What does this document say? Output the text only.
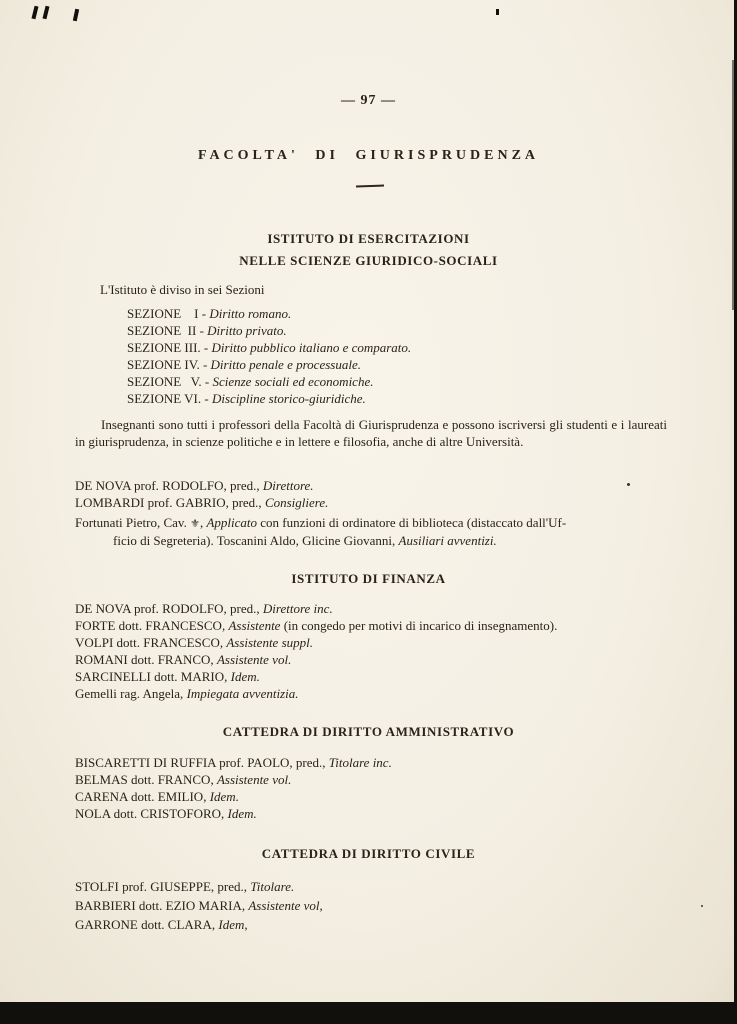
— 97 —
FACOLTA' DI GIURISPRUDENZA
ISTITUTO DI ESERCITAZIONI
NELLE SCIENZE GIURIDICO-SOCIALI
L'Istituto è diviso in sei Sezioni
SEZIONE    I - Diritto romano.
SEZIONE  II - Diritto privato.
SEZIONE III. - Diritto pubblico italiano e comparato.
SEZIONE IV. - Diritto penale e processuale.
SEZIONE   V. - Scienze sociali ed economiche.
SEZIONE VI. - Discipline storico-giuridiche.
Insegnanti sono tutti i professori della Facoltà di Giurisprudenza e possono iscriversi gli studenti e i laureati in giurisprudenza, in scienze politiche e in lettere e filosofia, anche di altre Università.
DE NOVA prof. RODOLFO, pred., Direttore.
LOMBARDI prof. GABRIO, pred., Consigliere.
Fortunati Pietro, Cav. ⚜, Applicato con funzioni di ordinatore di biblioteca (distaccato dall'Uf-
ficio di Segreteria). Toscanini Aldo, Glicine Giovanni, Ausiliari avventizi.
ISTITUTO DI FINANZA
DE NOVA prof. RODOLFO, pred., Direttore inc.
FORTE dott. FRANCESCO, Assistente (in congedo per motivi di incarico di insegnamento).
VOLPI dott. FRANCESCO, Assistente suppl.
ROMANI dott. FRANCO, Assistente vol.
SARCINELLI dott. MARIO, Idem.
Gemelli rag. Angela, Impiegata avventizia.
CATTEDRA DI DIRITTO AMMINISTRATIVO
BISCARETTI DI RUFFIA prof. PAOLO, pred., Titolare inc.
BELMAS dott. FRANCO, Assistente vol.
CARENA dott. EMILIO, Idem.
NOLA dott. CRISTOFORO, Idem.
CATTEDRA DI DIRITTO CIVILE
STOLFI prof. GIUSEPPE, pred., Titolare.
BARBIERI dott. EZIO MARIA, Assistente vol,
GARRONE dott. CLARA, Idem,
